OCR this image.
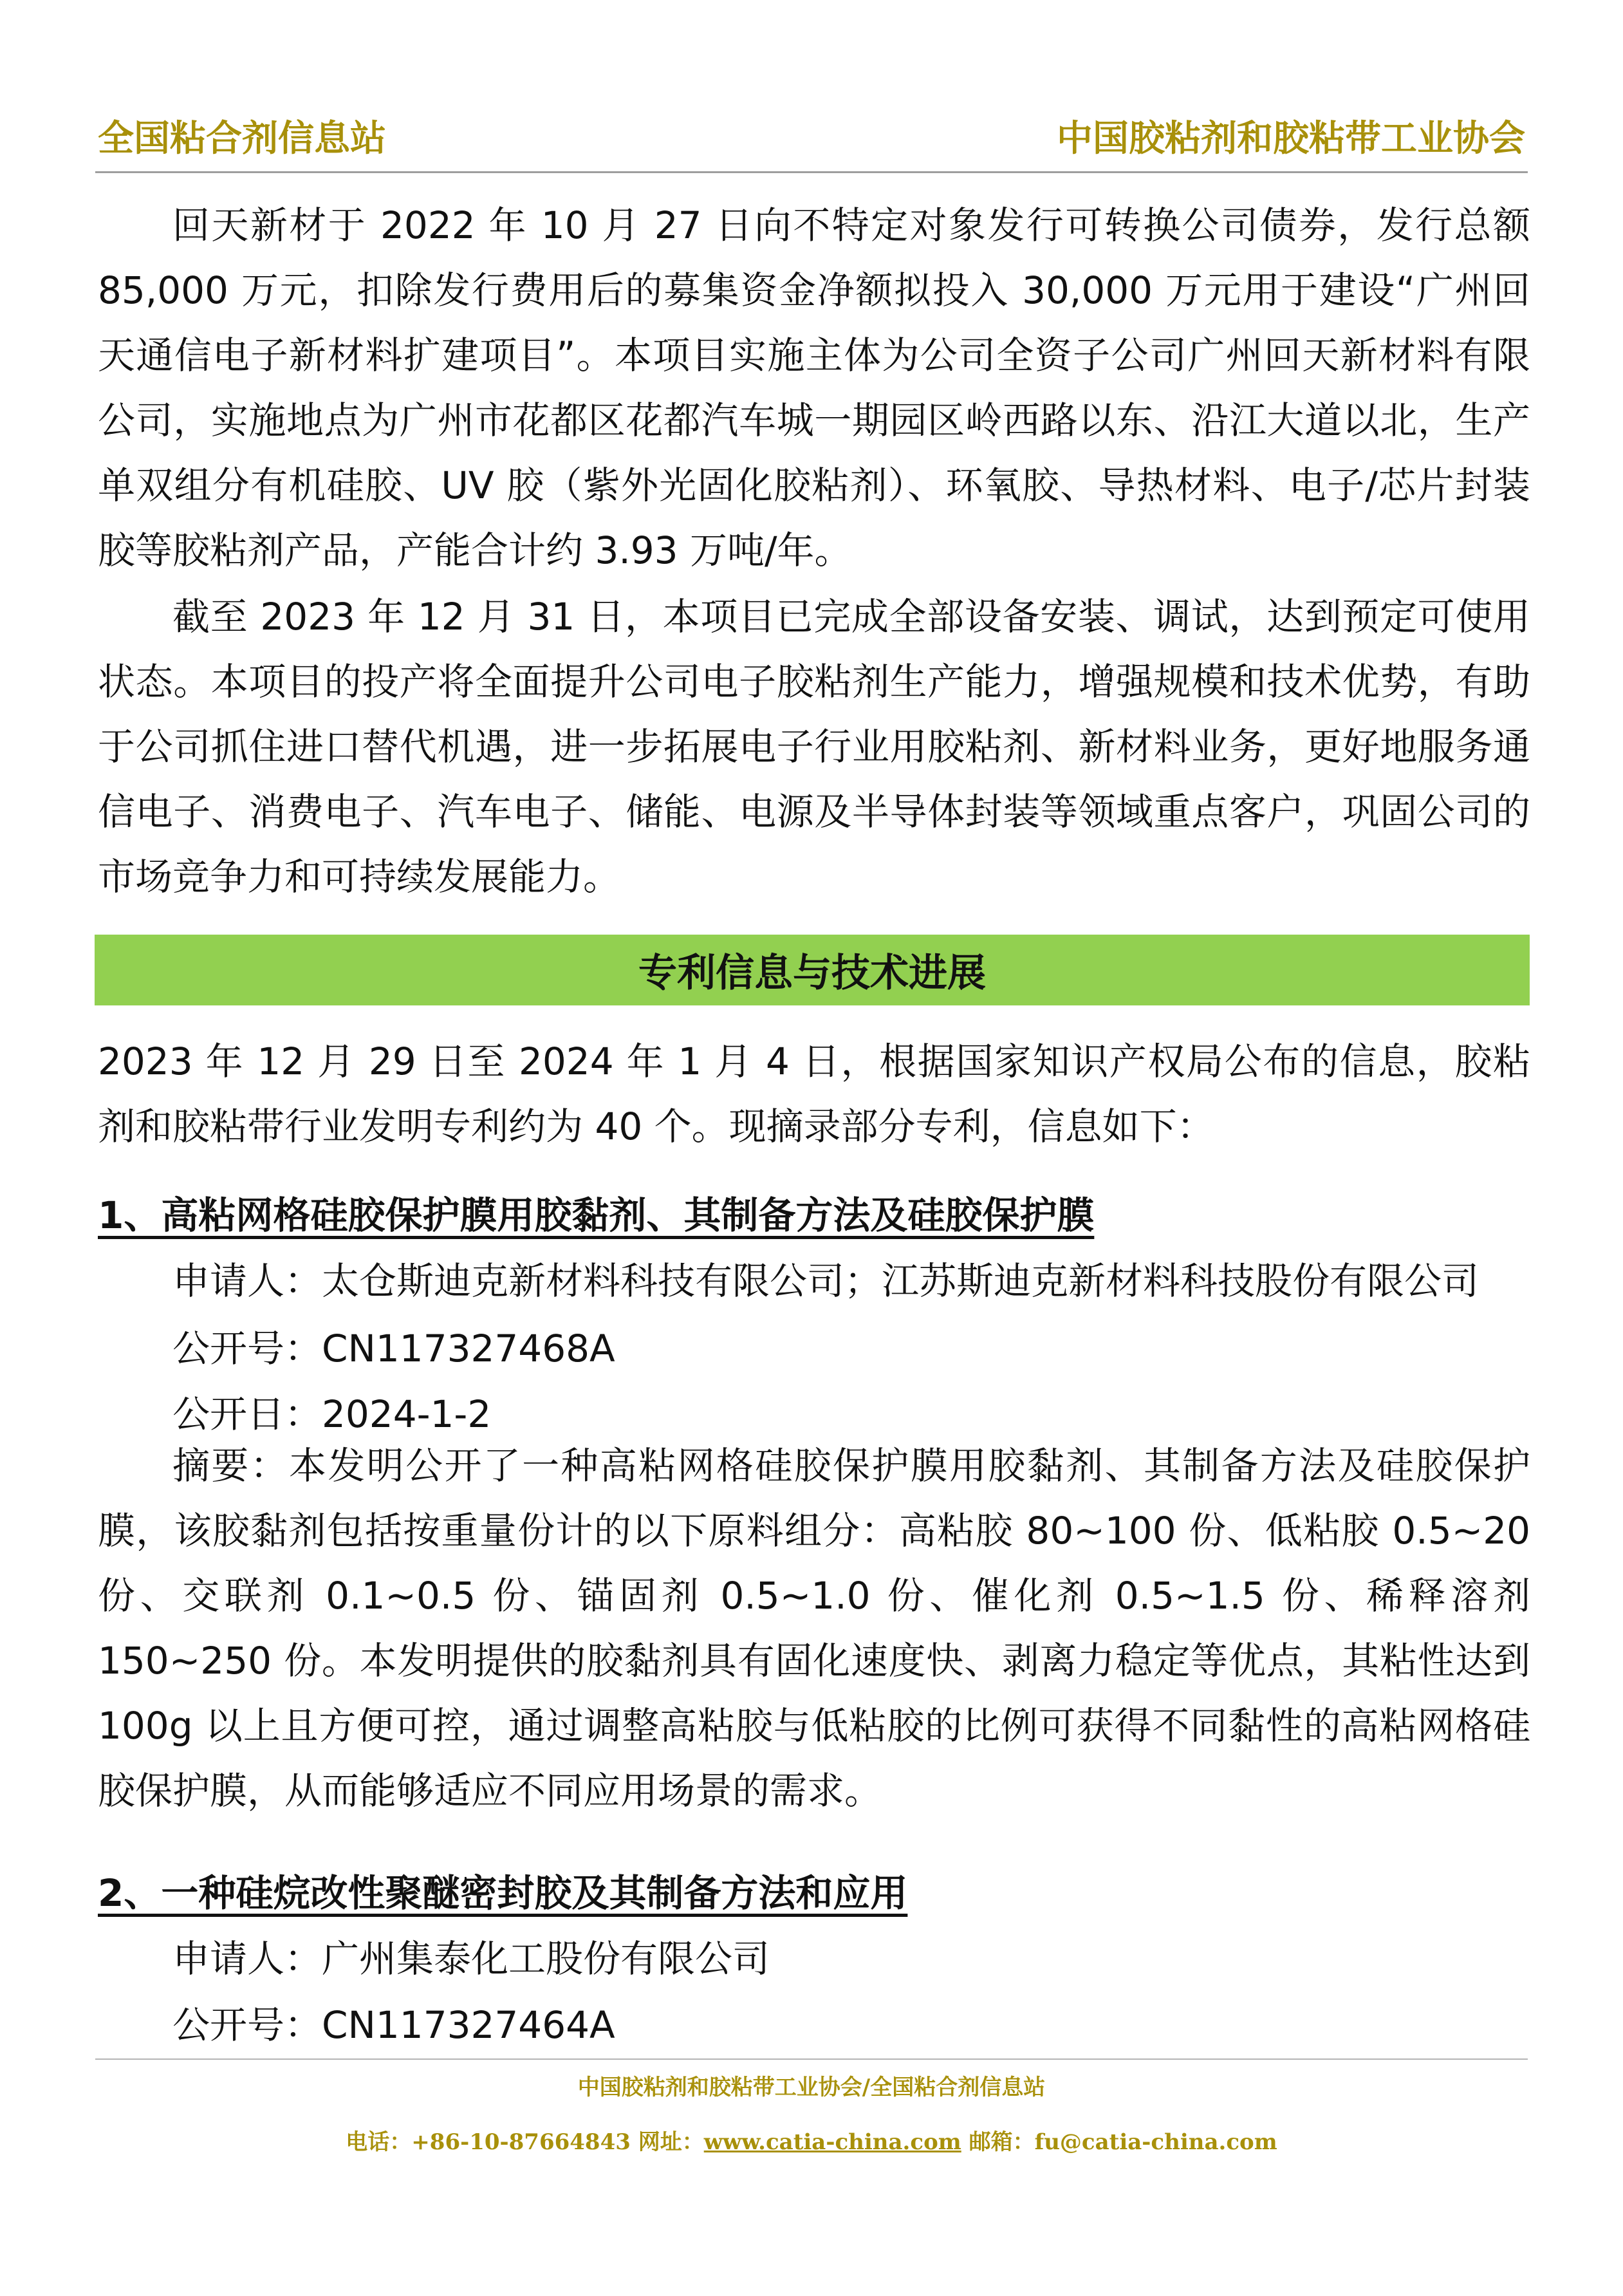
全国粘合剂信息站	中国胶粘剂和胶粘带工业协会

回天新材于 2022 年 10 月 27 日向不特定对象发行可转换公司债券，发行总额 85,000 万元，扣除发行费用后的募集资金净额拟投入 30,000 万元用于建设“广州回天通信电子新材料扩建项目”。本项目实施主体为公司全资子公司广州回天新材料有限公司，实施地点为广州市花都区花都汽车城一期园区岭西路以东、沿江大道以北，生产单双组分有机硅胶、UV 胶（紫外光固化胶粘剂）、环氧胶、导热材料、电子/芯片封装胶等胶粘剂产品，产能合计约 3.93 万吨/年。

截至 2023 年 12 月 31 日，本项目已完成全部设备安装、调试，达到预定可使用状态。本项目的投产将全面提升公司电子胶粘剂生产能力，增强规模和技术优势，有助于公司抓住进口替代机遇，进一步拓展电子行业用胶粘剂、新材料业务，更好地服务通信电子、消费电子、汽车电子、储能、电源及半导体封装等领域重点客户，巩固公司的市场竞争力和可持续发展能力。

专利信息与技术进展

2023 年 12 月 29 日至 2024 年 1 月 4 日，根据国家知识产权局公布的信息，胶粘剂和胶粘带行业发明专利约为 40 个。现摘录部分专利，信息如下：

1、高粘网格硅胶保护膜用胶黏剂、其制备方法及硅胶保护膜
申请人：太仓斯迪克新材料科技有限公司；江苏斯迪克新材料科技股份有限公司
公开号：CN117327468A
公开日：2024-1-2

摘要：本发明公开了一种高粘网格硅胶保护膜用胶黏剂、其制备方法及硅胶保护膜，该胶黏剂包括按重量份计的以下原料组分：高粘胶 80~100 份、低粘胶 0.5~20 份、交联剂 0.1~0.5 份、锚固剂 0.5~1.0 份、催化剂 0.5~1.5 份、稀释溶剂 150~250 份。本发明提供的胶黏剂具有固化速度快、剥离力稳定等优点，其粘性达到 100g 以上且方便可控，通过调整高粘胶与低粘胶的比例可获得不同黏性的高粘网格硅胶保护膜，从而能够适应不同应用场景的需求。

2、一种硅烷改性聚醚密封胶及其制备方法和应用
申请人：广州集泰化工股份有限公司
公开号：CN117327464A
中国胶粘剂和胶粘带工业协会/全国粘合剂信息站
电话：+86-10-87664843 网址：www.catia-china.com 邮箱：fu@catia-china.com
